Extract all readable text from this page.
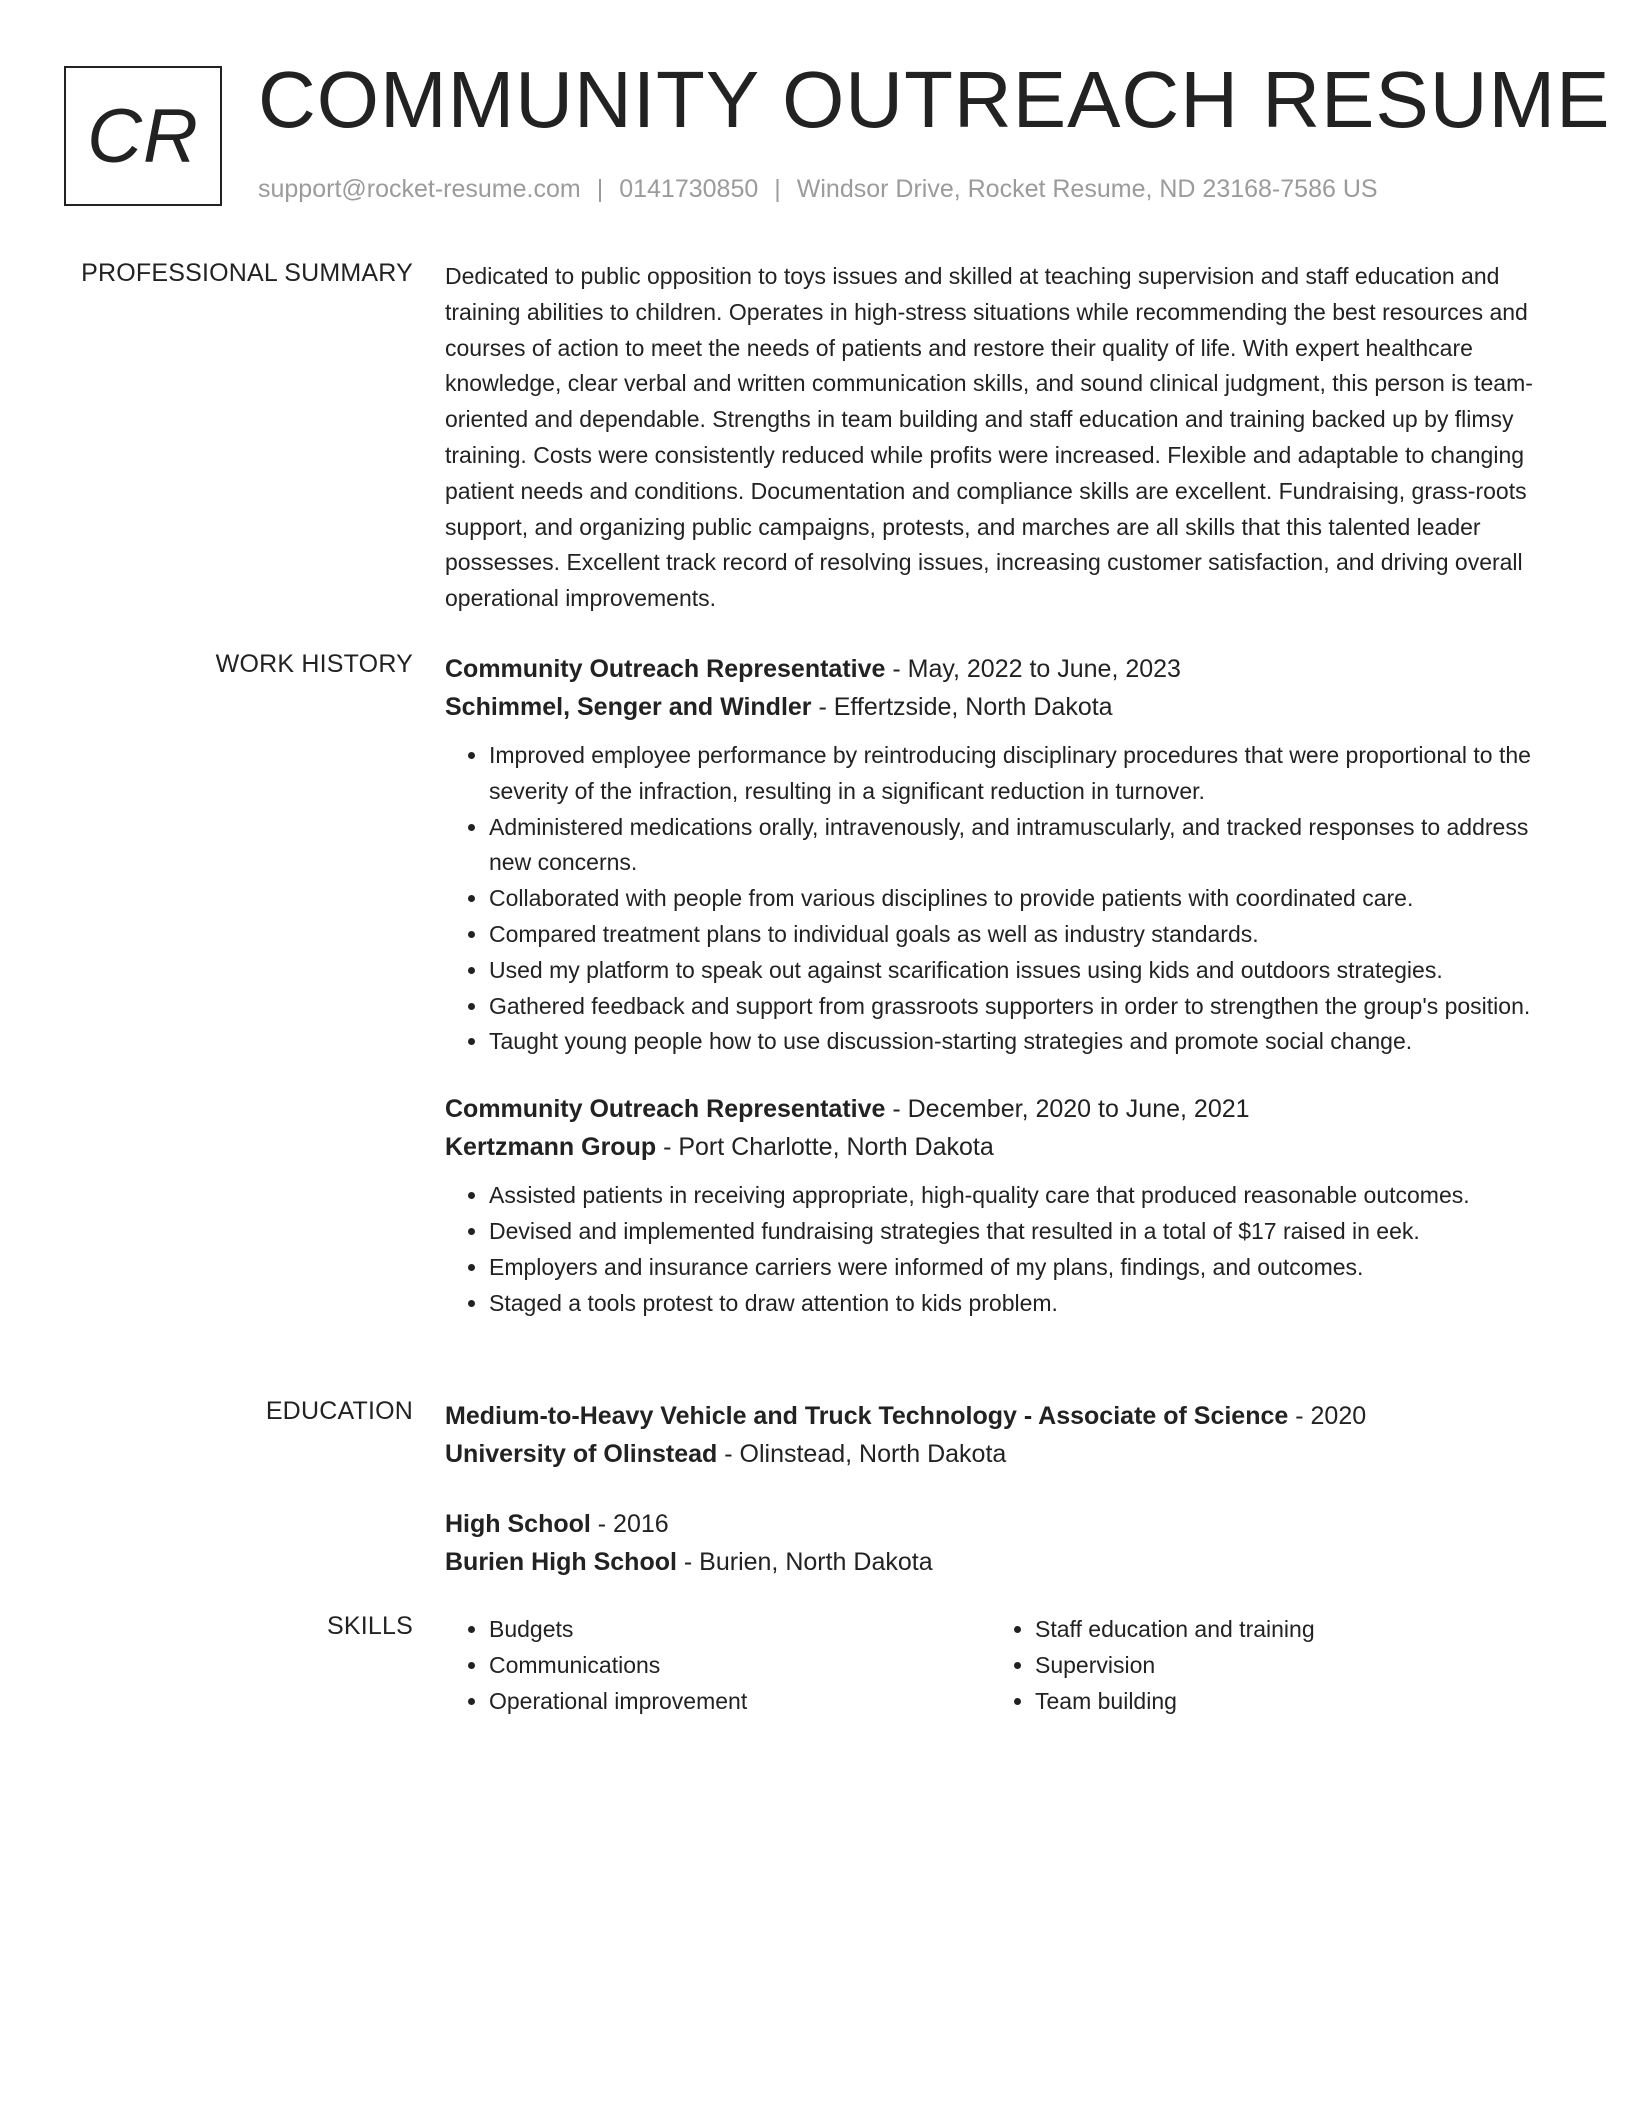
CR COMMUNITY OUTREACH RESUME
support@rocket-resume.com | 0141730850 | Windsor Drive, Rocket Resume, ND 23168-7586 US
PROFESSIONAL SUMMARY Dedicated to public opposition to toys issues and skilled at teaching supervision and staff education and training abilities to children. Operates in high-stress situations while recommending the best resources and courses of action to meet the needs of patients and restore their quality of life. With expert healthcare knowledge, clear verbal and written communication skills, and sound clinical judgment, this person is team-oriented and dependable. Strengths in team building and staff education and training backed up by flimsy training. Costs were consistently reduced while profits were increased. Flexible and adaptable to changing patient needs and conditions. Documentation and compliance skills are excellent. Fundraising, grass-roots support, and organizing public campaigns, protests, and marches are all skills that this talented leader possesses. Excellent track record of resolving issues, increasing customer satisfaction, and driving overall operational improvements.

WORK HISTORY Community Outreach Representative - May, 2022 to June, 2023
Schimmel, Senger and Windler - Effertzside, North Dakota
• Improved employee performance by reintroducing disciplinary procedures that were proportional to the severity of the infraction, resulting in a significant reduction in turnover.
• Administered medications orally, intravenously, and intramuscularly, and tracked responses to address new concerns.
• Collaborated with people from various disciplines to provide patients with coordinated care.
• Compared treatment plans to individual goals as well as industry standards.
• Used my platform to speak out against scarification issues using kids and outdoors strategies.
• Gathered feedback and support from grassroots supporters in order to strengthen the group's position.
• Taught young people how to use discussion-starting strategies and promote social change.
Community Outreach Representative - December, 2020 to June, 2021
Kertzmann Group - Port Charlotte, North Dakota
• Assisted patients in receiving appropriate, high-quality care that produced reasonable outcomes.
• Devised and implemented fundraising strategies that resulted in a total of $17 raised in eek.
• Employers and insurance carriers were informed of my plans, findings, and outcomes.
• Staged a tools protest to draw attention to kids problem.
EDUCATION Medium-to-Heavy Vehicle and Truck Technology - Associate of Science - 2020
University of Olinstead - Olinstead, North Dakota
High School - 2016
Burien High School - Burien, North Dakota
SKILLS
•	Budgets
• Communications
• Operational improvement
• Staff education and training
• Supervision
• Team building
